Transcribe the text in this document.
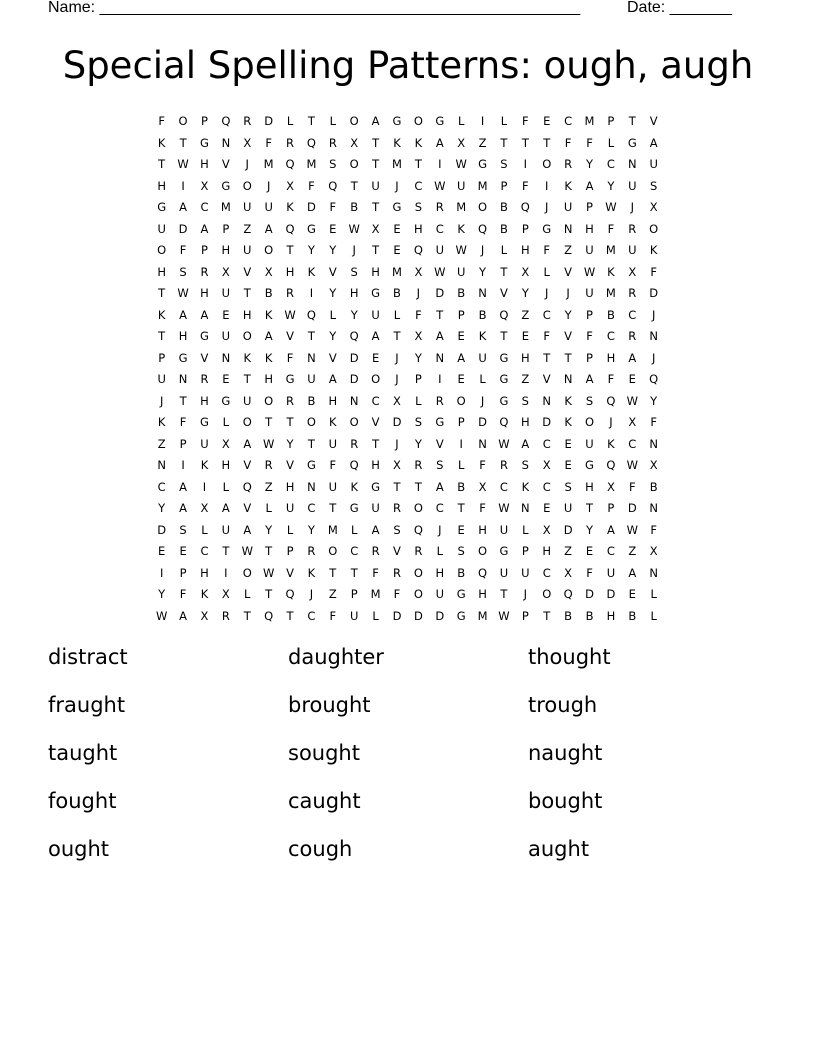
Name: ______________________________________________________	Date: _______
Special Spelling Patterns: ough, augh
F	O	P	Q	R	D	L	T	L	O	A	G	O	G	L	I	L	F	E	C	M	P	T	V
K	T	G	N	X	F	R	Q	R	X	T	K	K	A	X	Z	T	T	T	F	F	L	G	A
T	W H	V	J	M	Q	M	S	O	T	M	T	I	W G	S	I	O	R	Y	C	N	U
H	I	X	G	O	J	X	F	Q	T	U	J	C	W	U	M	P	F	I	K	A	Y	U	S
G	A	C	M	U	U	K	D	F	B	T	G	S	R	M	O	B	Q	J	U	P	W	J	X
U	D	A	P	Z	A	Q	G	E	W	X	E	H	C	K	Q	B	P	G	N	H	F	R	O
O	F	P	H	U	O	T	Y	Y	J	T	E	Q	U W	J	L	H	F	Z	U	M	U	K
H	S	R	X	V	X	H	K	V	S	H	M	X	W	U	Y	T	X	L	V	W	K	X	F
T	W H	U	T	B	R	I	Y	H	G	B	J	D	B	N	V	Y	J	J	U	M	R	D
K	A	A	E	H	K	W Q	L	Y	U	L	F	T	P	B	Q	Z	C	Y	P	B	C	J
T	H	G	U	O	A	V	T	Y	Q	A	T	X	A	E	K	T	E	F	V	F	C	R	N
P	G	V	N	K	K	F	N	V	D	E	J	Y	N	A	U	G	H	T	T	P	H	A	J
U	N	R	E	T	H	G	U	A	D	O	J	P	I	E	L	G	Z	V	N	A	F	E	Q
J	T	H	G	U	O	R	B	H	N	C	X	L	R	O	J	G	S	N	K	S	Q W	Y
K	F	G	L	O	T	T	O	K	O	V	D	S	G	P	D	Q	H	D	K	O	J	X	F
Z	P	U	X	A	W	Y	T	U	R	T	J	Y	V	I	N W	A	C	E	U	K	C	N
N	I	K	H	V	R	V	G	F	Q	H	X	R	S	L	F	R	S	X	E	G	Q W	X
C	A	I	L	Q	Z	H	N	U	K	G	T	T	A	B	X	C	K	C	S	H	X	F	B
Y	A	X	A	V	L	U	C	T	G	U	R	O	C	T	F	W N	E	U	T	P	D	N
D	S	L	U	A	Y	L	Y	M	L	A	S	Q	J	E	H	U	L	X	D	Y	A	W	F
E	E	C	T	W	T	P	R	O	C	R	V	R	L	S	O	G	P	H	Z	E	C	Z	X
I	P	H	I	O W	V	K	T	T	F	R	O	H	B	Q	U	U	C	X	F	U	A	N
Y	F	K	X	L	T	Q	J	Z	P	M	F	O	U	G	H	T	J	O	Q	D	D	E	L
W	A	X	R	T	Q	T	C	F	U	L	D	D	D	G	M W	P	T	B	B	H	B	L
distract	daughter	thought
fraught	brought	trough
taught	sought	naught
fought	caught	bought
ought	cough	aught
